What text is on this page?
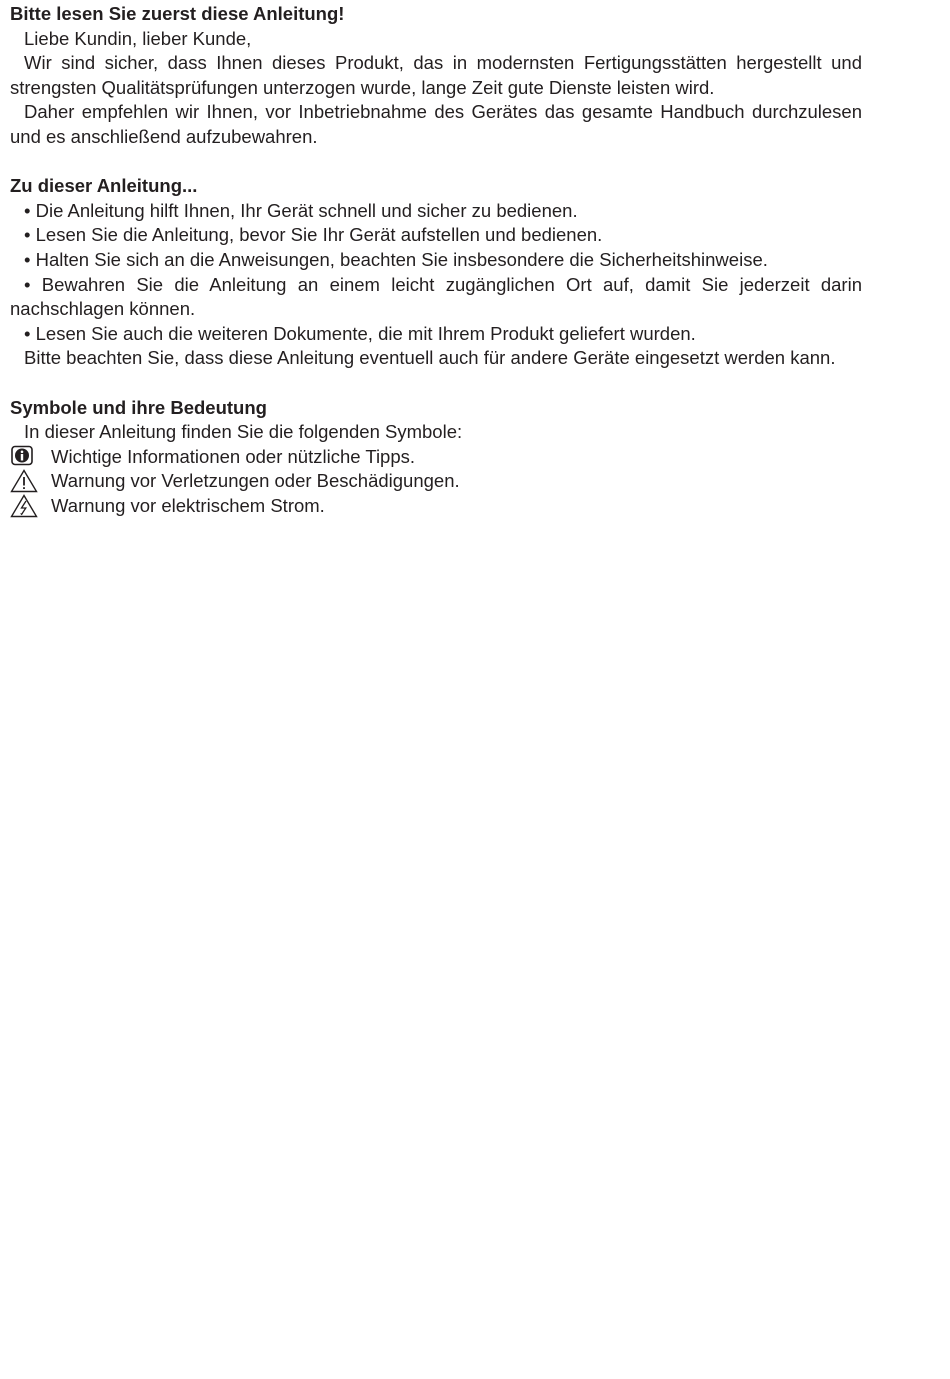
Bitte lesen Sie zuerst diese Anleitung!

Liebe Kundin, lieber Kunde,

Wir sind sicher, dass Ihnen dieses Produkt, das in modernsten Fertigungsstätten hergestellt und strengsten Qualitätsprüfungen unterzogen wurde, lange Zeit gute Dienste leisten wird.

Daher empfehlen wir Ihnen, vor Inbetriebnahme des Gerätes das gesamte Handbuch durchzulesen und es anschließend aufzubewahren.

Zu dieser Anleitung...

• Die Anleitung hilft Ihnen, Ihr Gerät schnell und sicher zu bedienen.

• Lesen Sie die Anleitung, bevor Sie Ihr Gerät aufstellen und bedienen.

• Halten Sie sich an die Anweisungen, beachten Sie insbesondere die Sicherheitshinweise.

• Bewahren Sie die Anleitung an einem leicht zugänglichen Ort auf, damit Sie jederzeit darin nachschlagen können.

• Lesen Sie auch die weiteren Dokumente, die mit Ihrem Produkt geliefert wurden.

Bitte beachten Sie, dass diese Anleitung eventuell auch für andere Geräte eingesetzt werden kann.

Symbole und ihre Bedeutung

In dieser Anleitung finden Sie die folgenden Symbole:

Wichtige Informationen oder nützliche Tipps.
Warnung vor Verletzungen oder Beschädigungen.
Warnung vor elektrischem Strom.
